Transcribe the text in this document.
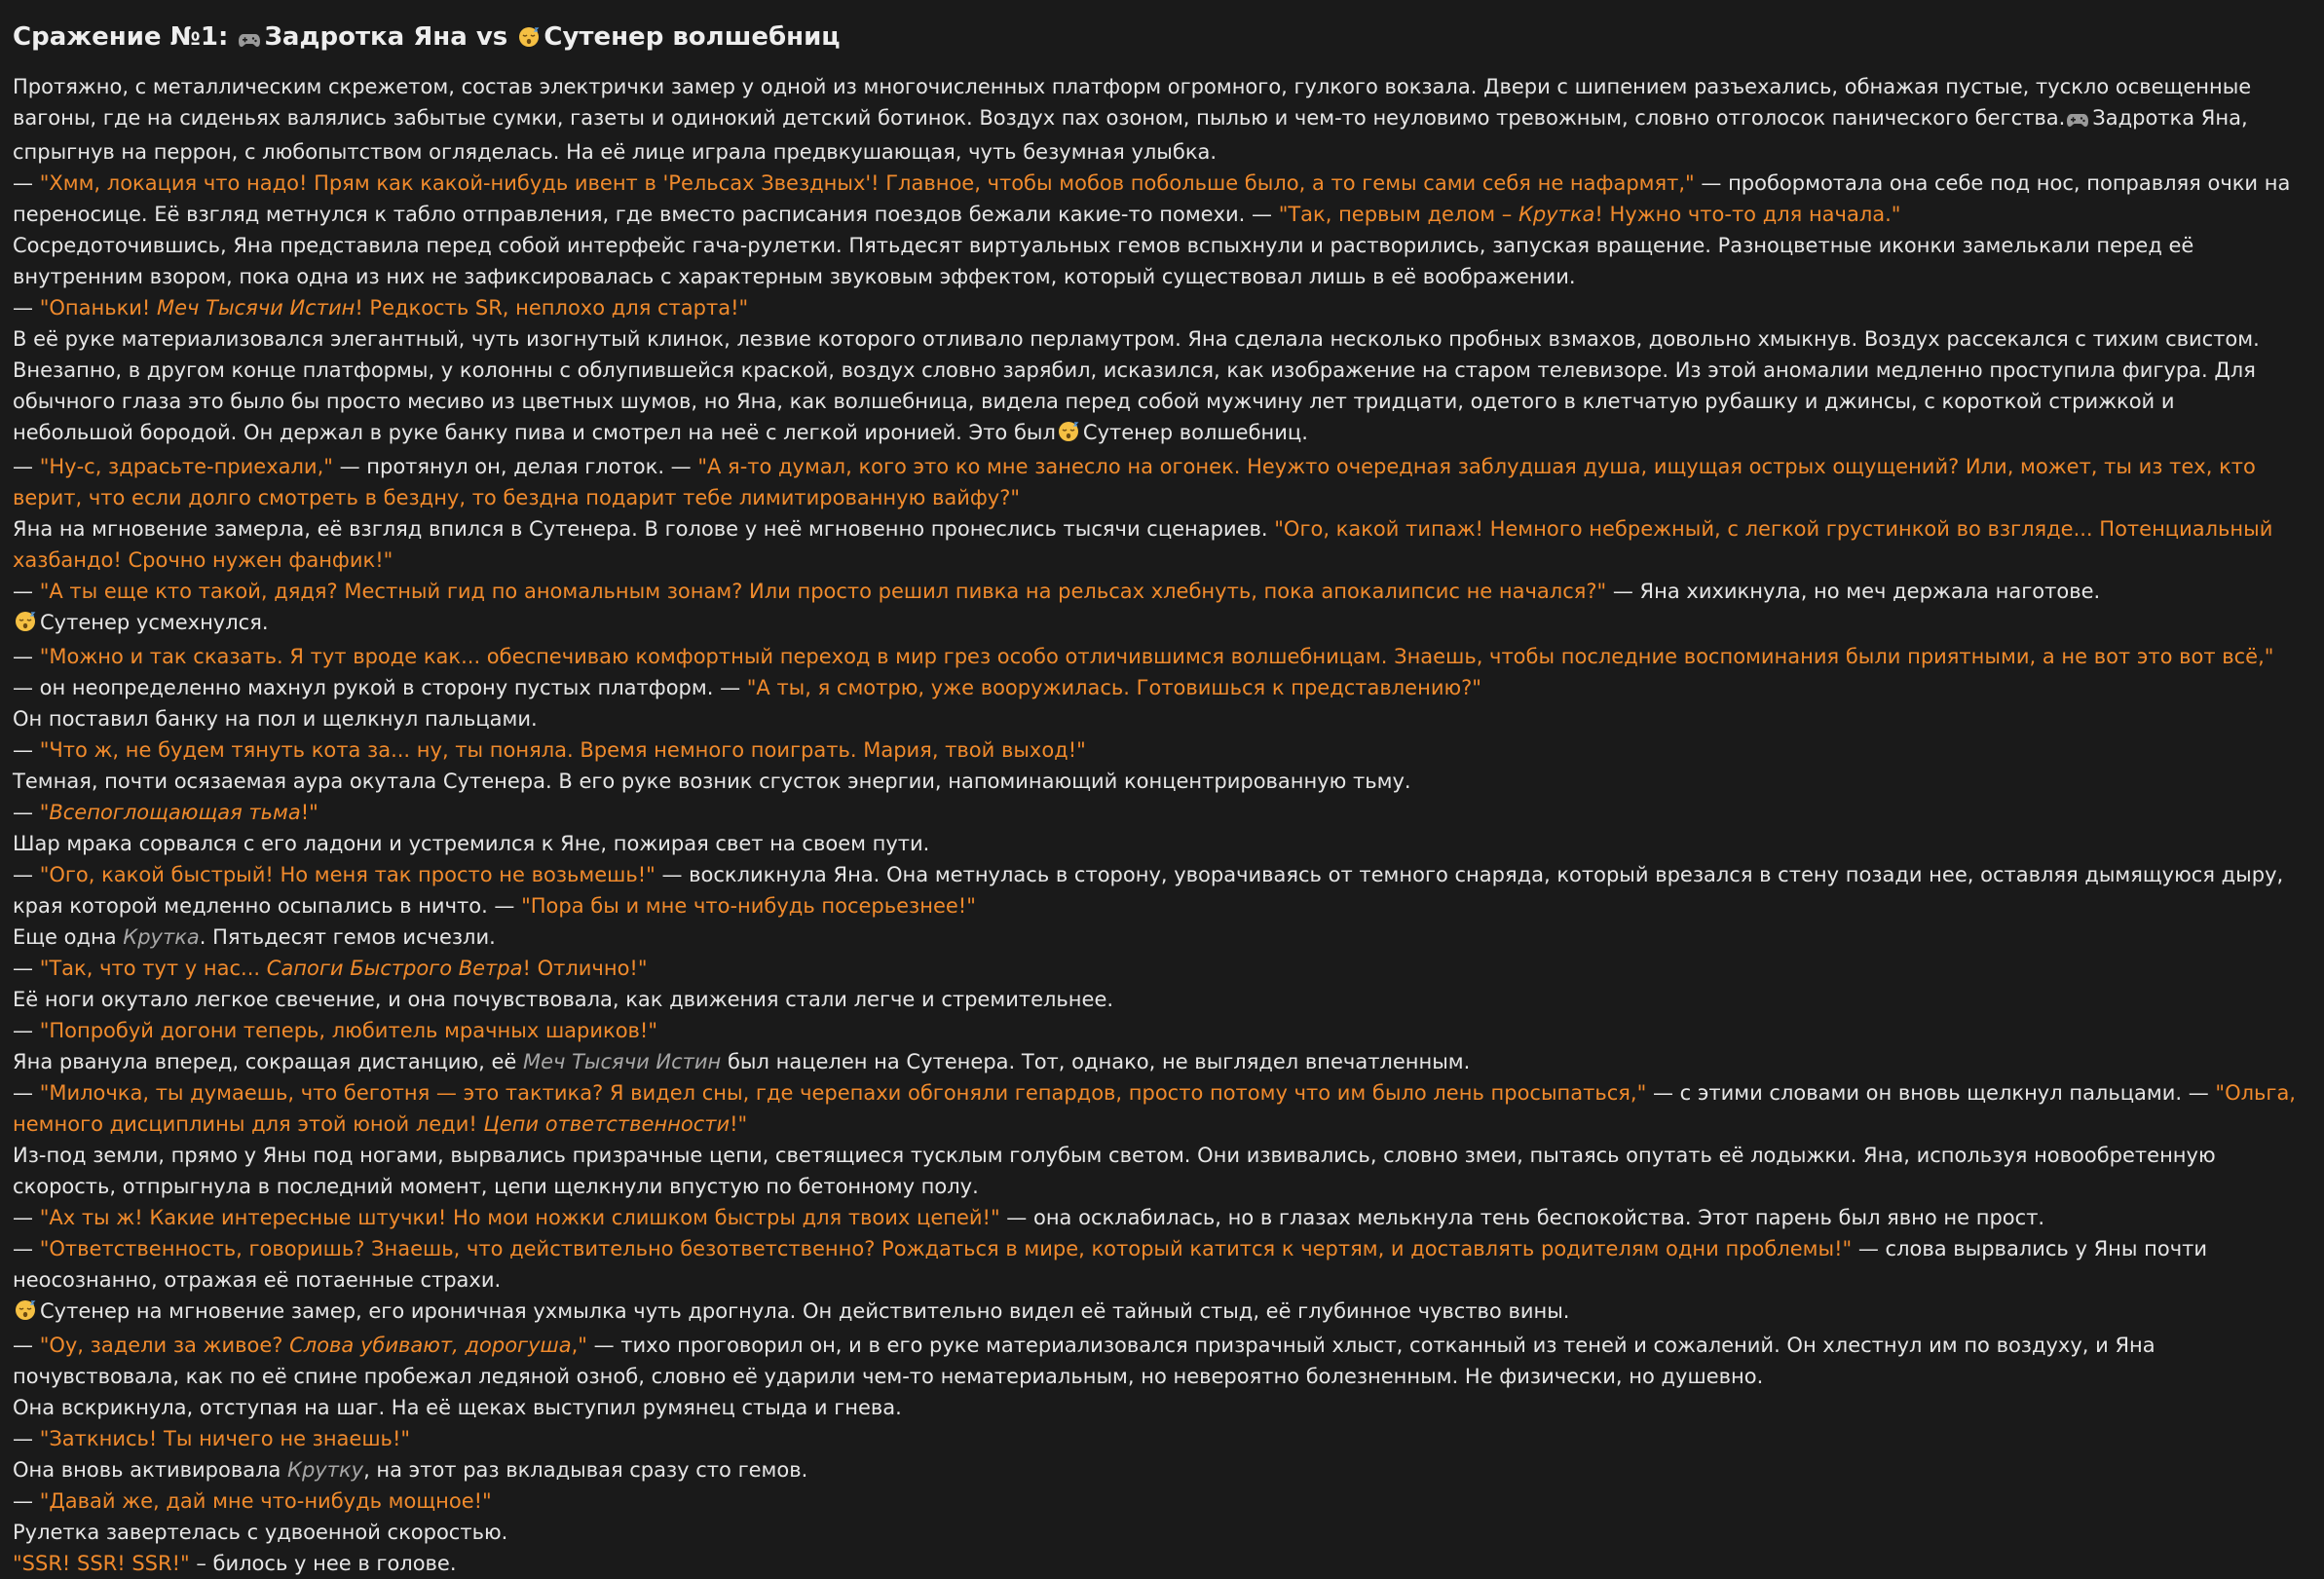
Сражение №1: Задротка Яна vs Сутенер волшебниц

Протяжно, с металлическим скрежетом, состав электрички замер у одной из многочисленных платформ огромного, гулкого вокзала. Двери с шипением разъехались, обнажая пустые, тускло освещенные вагоны, где на сиденьях валялись забытые сумки, газеты и одинокий детский ботинок. Воздух пах озоном, пылью и чем-то неуловимо тревожным, словно отголосок панического бегства. Задротка Яна, спрыгнув на перрон, с любопытством огляделась. На её лице играла предвкушающая, чуть безумная улыбка.

— "Хмм, локация что надо! Прям как какой-нибудь ивент в 'Рельсах Звездных'! Главное, чтобы мобов побольше было, а то гемы сами себя не нафармят," — пробормотала она себе под нос, поправляя очки на переносице. Её взгляд метнулся к табло отправления, где вместо расписания поездов бежали какие-то помехи. — "Так, первым делом – Крутка! Нужно что-то для начала."

Сосредоточившись, Яна представила перед собой интерфейс гача-рулетки. Пятьдесят виртуальных гемов вспыхнули и растворились, запуская вращение. Разноцветные иконки замелькали перед её внутренним взором, пока одна из них не зафиксировалась с характерным звуковым эффектом, который существовал лишь в её воображении.

— "Опаньки! Меч Тысячи Истин! Редкость SR, неплохо для старта!"

В её руке материализовался элегантный, чуть изогнутый клинок, лезвие которого отливало перламутром. Яна сделала несколько пробных взмахов, довольно хмыкнув. Воздух рассекался с тихим свистом.

Внезапно, в другом конце платформы, у колонны с облупившейся краской, воздух словно зарябил, исказился, как изображение на старом телевизоре. Из этой аномалии медленно проступила фигура. Для обычного глаза это было бы просто месиво из цветных шумов, но Яна, как волшебница, видела перед собой мужчину лет тридцати, одетого в клетчатую рубашку и джинсы, с короткой стрижкой и небольшой бородой. Он держал в руке банку пива и смотрел на неё с легкой иронией. Это был Сутенер волшебниц.

— "Ну-с, здрасьте-приехали," — протянул он, делая глоток. — "А я-то думал, кого это ко мне занесло на огонек. Неужто очередная заблудшая душа, ищущая острых ощущений? Или, может, ты из тех, кто верит, что если долго смотреть в бездну, то бездна подарит тебе лимитированную вайфу?"

Яна на мгновение замерла, её взгляд впился в Сутенера. В голове у неё мгновенно пронеслись тысячи сценариев. "Ого, какой типаж! Немного небрежный, с легкой грустинкой во взгляде... Потенциальный хазбандо! Срочно нужен фанфик!"

— "А ты еще кто такой, дядя? Местный гид по аномальным зонам? Или просто решил пивка на рельсах хлебнуть, пока апокалипсис не начался?" — Яна хихикнула, но меч держала наготове.

Сутенер усмехнулся.

— "Можно и так сказать. Я тут вроде как... обеспечиваю комфортный переход в мир грез особо отличившимся волшебницам. Знаешь, чтобы последние воспоминания были приятными, а не вот это вот всё," — он неопределенно махнул рукой в сторону пустых платформ. — "А ты, я смотрю, уже вооружилась. Готовишься к представлению?"

Он поставил банку на пол и щелкнул пальцами.

— "Что ж, не будем тянуть кота за... ну, ты поняла. Время немного поиграть. Мария, твой выход!"

Темная, почти осязаемая аура окутала Сутенера. В его руке возник сгусток энергии, напоминающий концентрированную тьму.

— "Всепоглощающая тьма!"

Шар мрака сорвался с его ладони и устремился к Яне, пожирая свет на своем пути.

— "Ого, какой быстрый! Но меня так просто не возьмешь!" — воскликнула Яна. Она метнулась в сторону, уворачиваясь от темного снаряда, который врезался в стену позади нее, оставляя дымящуюся дыру, края которой медленно осыпались в ничто. — "Пора бы и мне что-нибудь посерьезнее!"

Еще одна Крутка. Пятьдесят гемов исчезли.

— "Так, что тут у нас... Сапоги Быстрого Ветра! Отлично!"

Её ноги окутало легкое свечение, и она почувствовала, как движения стали легче и стремительнее.

— "Попробуй догони теперь, любитель мрачных шариков!"

Яна рванула вперед, сокращая дистанцию, её Меч Тысячи Истин был нацелен на Сутенера. Тот, однако, не выглядел впечатленным.

— "Милочка, ты думаешь, что беготня — это тактика? Я видел сны, где черепахи обгоняли гепардов, просто потому что им было лень просыпаться," — с этими словами он вновь щелкнул пальцами. — "Ольга, немного дисциплины для этой юной леди! Цепи ответственности!"

Из-под земли, прямо у Яны под ногами, вырвались призрачные цепи, светящиеся тусклым голубым светом. Они извивались, словно змеи, пытаясь опутать её лодыжки. Яна, используя новообретенную скорость, отпрыгнула в последний момент, цепи щелкнули впустую по бетонному полу.

— "Ах ты ж! Какие интересные штучки! Но мои ножки слишком быстры для твоих цепей!" — она осклабилась, но в глазах мелькнула тень беспокойства. Этот парень был явно не прост.

— "Ответственность, говоришь? Знаешь, что действительно безответственно? Рождаться в мире, который катится к чертям, и доставлять родителям одни проблемы!" — слова вырвались у Яны почти неосознанно, отражая её потаенные страхи.

Сутенер на мгновение замер, его ироничная ухмылка чуть дрогнула. Он действительно видел её тайный стыд, её глубинное чувство вины.

— "Оу, задели за живое? Слова убивают, дорогуша," — тихо проговорил он, и в его руке материализовался призрачный хлыст, сотканный из теней и сожалений. Он хлестнул им по воздуху, и Яна почувствовала, как по её спине пробежал ледяной озноб, словно её ударили чем-то нематериальным, но невероятно болезненным. Не физически, но душевно.

Она вскрикнула, отступая на шаг. На её щеках выступил румянец стыда и гнева.

— "Заткнись! Ты ничего не знаешь!"

Она вновь активировала Крутку, на этот раз вкладывая сразу сто гемов.

— "Давай же, дай мне что-нибудь мощное!"

Рулетка завертелась с удвоенной скоростью.

"SSR! SSR! SSR!" – билось у нее в голове.
